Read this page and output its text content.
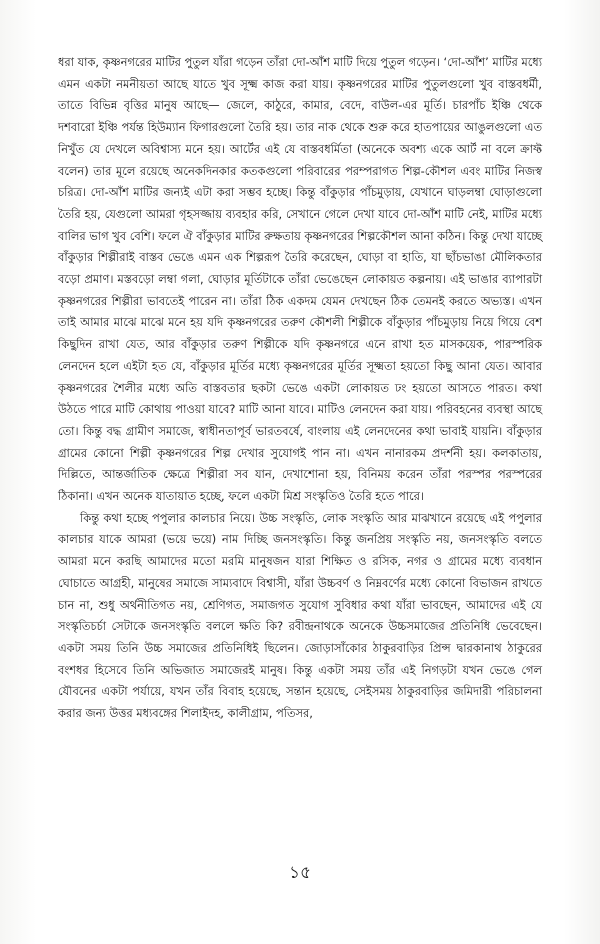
ধরা যাক, কৃষ্ণনগরের মাটির পুতুল যাঁরা গড়েন তাঁরা দো-আঁশ মাটি দিয়ে পুতুল গড়েন। ‘দো-আঁশ’ মাটির মধ্যে এমন একটা নমনীয়তা আছে যাতে খুব সূক্ষ্ম কাজ করা যায়। কৃষ্ণনগরের মাটির পুতুলগুলো খুব বাস্তবধর্মী, তাতে বিভিন্ন বৃত্তির মানুষ আছে— জেলে, কাঠুরে, কামার, বেদে, বাউল-এর মূর্তি। চারপাঁচ ইঞ্চি থেকে দশবারো ইঞ্চি পর্যন্ত হিউম্যান ফিগারগুলো তৈরি হয়। তার নাক থেকে শুরু করে হাতপায়ের আঙুলগুলো এত নিখুঁত যে দেখলে অবিশ্বাস্য মনে হয়। আর্টের এই যে বাস্তবধর্মিতা (অনেকে অবশ্য একে আর্ট না বলে ক্রাফ্ট বলেন) তার মূলে রয়েছে অনেকদিনকার কতকগুলো পরিবারের পরম্পরাগত শিল্প-কৌশল এবং মাটির নিজস্ব চরিত্র। দো-আঁশ মাটির জন্যই এটা করা সম্ভব হচ্ছে। কিন্তু বাঁকুড়ার পাঁচমুড়ায়, যেখানে ঘাড়লম্বা ঘোড়াগুলো তৈরি হয়, যেগুলো আমরা গৃহসজ্জায় ব্যবহার করি, সেখানে গেলে দেখা যাবে দো-আঁশ মাটি নেই, মাটির মধ্যে বালির ভাগ খুব বেশি। ফলে ঐ বাঁকুড়ার মাটির রুক্ষতায় কৃষ্ণনগরের শিল্পকৌশল আনা কঠিন। কিন্তু দেখা যাচ্ছে বাঁকুড়ার শিল্পীরাই বাস্তব ভেঙে এমন এক শিল্পরূপ তৈরি করেছেন, ঘোড়া বা হাতি, যা ছাঁচভাঙা মৌলিকতার বড়ো প্রমাণ। মস্তবড়ো লম্বা গলা, ঘোড়ার মূর্তিটাকে তাঁরা ভেঙেছেন লোকায়ত কল্পনায়। এই ভাঙার ব্যাপারটা কৃষ্ণনগরের শিল্পীরা ভাবতেই পারেন না। তাঁরা ঠিক একদম যেমন দেখছেন ঠিক তেমনই করতে অভ্যস্ত। এখন তাই আমার মাঝে মাঝে মনে হয় যদি কৃষ্ণনগরের তরুণ কৌশলী শিল্পীকে বাঁকুড়ার পাঁচমুড়ায় নিয়ে গিয়ে বেশ কিছুদিন রাখা যেত, আর বাঁকুড়ার তরুণ শিল্পীকে যদি কৃষ্ণনগরে এনে রাখা হত মাসকয়েক, পারস্পরিক লেনদেন হলে এইটা হত যে, বাঁকুড়ার মূর্তির মধ্যে কৃষ্ণনগরের মূর্তির সূক্ষ্মতা হয়তো কিছু আনা যেত। আবার কৃষ্ণনগরের শৈলীর মধ্যে অতি বাস্তবতার ছকটা ভেঙে একটা লোকায়ত ঢং হয়তো আসতে পারত। কথা উঠতে পারে মাটি কোথায় পাওয়া যাবে? মাটি আনা যাবে। মাটিও লেনদেন করা যায়। পরিবহনের ব্যবস্থা আছে তো। কিন্তু বদ্ধ গ্রামীণ সমাজে, স্বাধীনতাপূর্ব ভারতবর্ষে, বাংলায় এই লেনদেনের কথা ভাবাই যায়নি। বাঁকুড়ার গ্রামের কোনো শিল্পী কৃষ্ণনগরের শিল্প দেখার সুযোগই পান না। এখন নানারকম প্রদর্শনী হয়। কলকাতায়, দিল্লিতে, আন্তর্জাতিক ক্ষেত্রে শিল্পীরা সব যান, দেখাশোনা হয়, বিনিময় করেন তাঁরা পরস্পর পরস্পরের ঠিকানা। এখন অনেক যাতায়াত হচ্ছে, ফলে একটা মিশ্র সংস্কৃতিও তৈরি হতে পারে।

কিন্তু কথা হচ্ছে পপুলার কালচার নিয়ে। উচ্চ সংস্কৃতি, লোক সংস্কৃতি আর মাঝখানে রয়েছে এই পপুলার কালচার যাকে আমরা (ভয়ে ভয়ে) নাম দিচ্ছি জনসংস্কৃতি। কিন্তু জনপ্রিয় সংস্কৃতি নয়, জনসংস্কৃতি বলতে আমরা মনে করছি আমাদের মতো মরমি মানুষজন যারা শিক্ষিত ও রসিক, নগর ও গ্রামের মধ্যে ব্যবধান ঘোচাতে আগ্রহী, মানুষের সমাজে সাম্যবাদে বিশ্বাসী, যাঁরা উচ্চবর্ণ ও নিম্নবর্ণের মধ্যে কোনো বিভাজন রাখতে চান না, শুধু অর্থনীতিগত নয়, শ্রেণিগত, সমাজগত সুযোগ সুবিধার কথা যাঁরা ভাবছেন, আমাদের এই যে সংস্কৃতিচর্চা সেটাকে জনসংস্কৃতি বললে ক্ষতি কি? রবীন্দ্রনাথকে অনেকে উচ্চসমাজের প্রতিনিধি ভেবেছেন। একটা সময় তিনি উচ্চ সমাজের প্রতিনিধিই ছিলেন। জোড়াসাঁকোর ঠাকুরবাড়ির প্রিন্স দ্বারকানাথ ঠাকুরের বংশধর হিসেবে তিনি অভিজাত সমাজেরই মানুষ। কিন্তু একটা সময় তাঁর এই নিগড়টা যখন ভেঙে গেল যৌবনের একটা পর্যায়ে, যখন তাঁর বিবাহ হয়েছে, সন্তান হয়েছে, সেইসময় ঠাকুরবাড়ির জমিদারী পরিচালনা করার জন্য উত্তর মধ্যবঙ্গের শিলাইদহ, কালীগ্রাম, পতিসর,

১৫
